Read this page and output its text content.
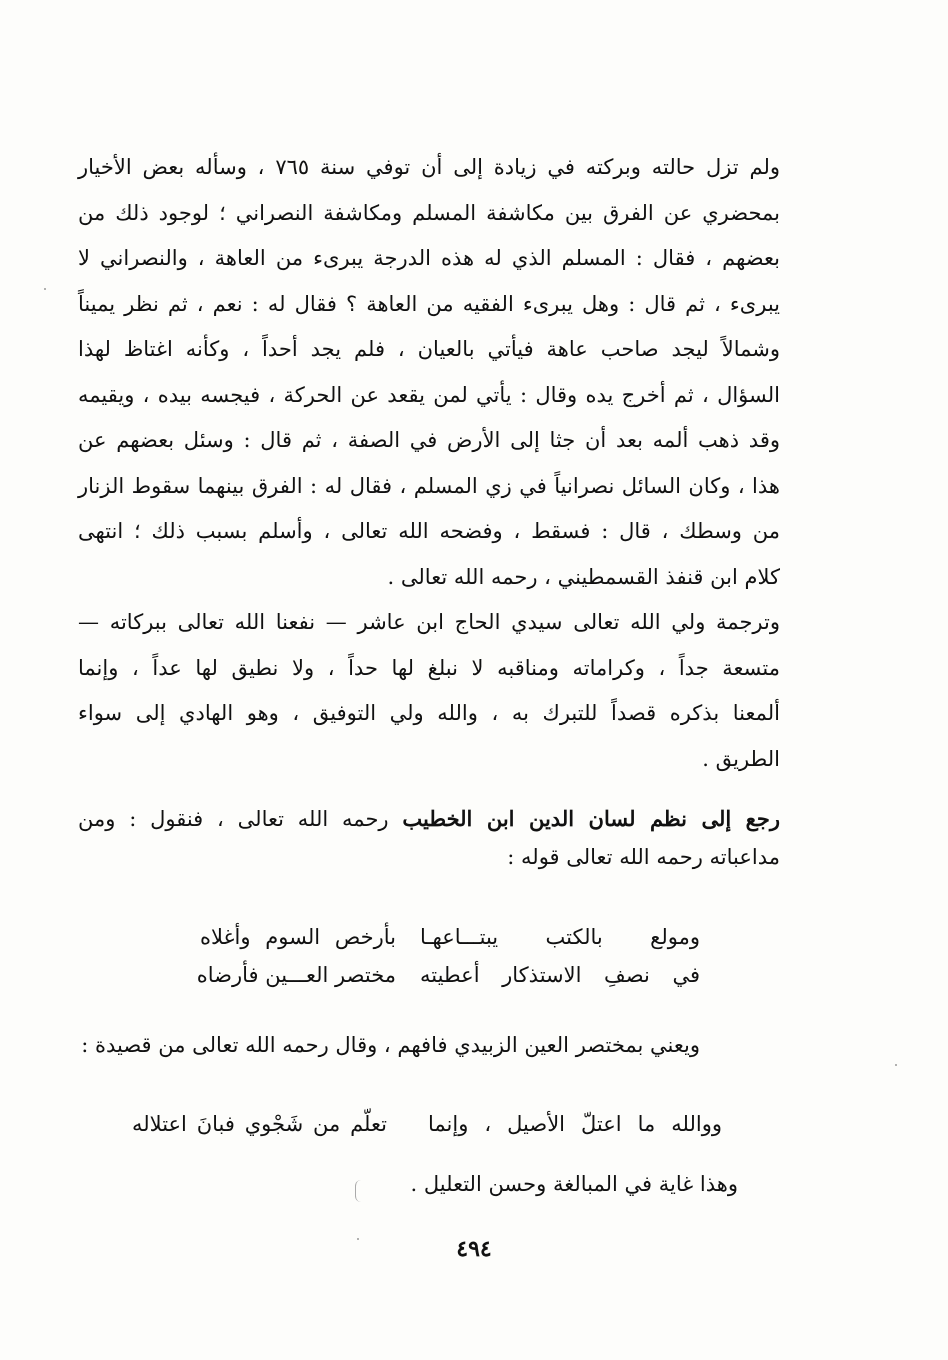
ولم تزل حالته وبركته في زيادة إلى أن توفي سنة ٧٦٥ ، وسأله بعض الأخيار
بمحضري عن الفرق بين مكاشفة المسلم ومكاشفة النصراني ؛ لوجود ذلك من
بعضهم ، فقال : المسلم الذي له هذه الدرجة يبرىء من العاهة ، والنصراني لا
يبرىء ، ثم قال : وهل يبرىء الفقيه من العاهة ؟ فقال له : نعم ، ثم نظر يميناً
وشمالاً ليجد صاحب عاهة فيأتي بالعيان ، فلم يجد أحداً ، وكأنه اغتاظ لهذا
السؤال ، ثم أخرج يده وقال : يأتي لمن يقعد عن الحركة ، فيجسه بيده ، ويقيمه
وقد ذهب ألمه بعد أن جثا إلى الأرض في الصفة ، ثم قال : وسئل بعضهم عن
هذا ، وكان السائل نصرانياً في زي المسلم ، فقال له : الفرق بينهما سقوط الزنار
من وسطك ، قال : فسقط ، وفضحه الله تعالى ، وأسلم بسبب ذلك ؛ انتهى
كلام ابن قنفذ القسمطيني ، رحمه الله تعالى .
وترجمة ولي الله تعالى سيدي الحاج ابن عاشر — نفعنا الله تعالى ببركاته —
متسعة جداً ، وكراماته ومناقبه لا نبلغ لها حداً ، ولا نطيق لها عداً ، وإنما
ألمعنا بذكره قصداً للتبرك به ، والله ولي التوفيق ، وهو الهادي إلى سواء
الطريق .
رجع إلى نظم لسان الدين ابن الخطيب رحمه الله تعالى ، فنقول : ومن
مداعباته رحمه الله تعالى قوله :
ومولع بالكتب يبتـــاعهـا
بأرخص السوم وأغلاه
في نصفِ الاستذكار أعطيته
مختصر العـــين فأرضاه
ويعني بمختصر العين الزبيدي فافهم ، وقال رحمه الله تعالى من قصيدة :
ووالله ما اعتلّ الأصيل ، وإنما
تعلّم من شَجْوي فبانَ اعتلاله
وهذا غاية في المبالغة وحسن التعليل .
٤٩٤
